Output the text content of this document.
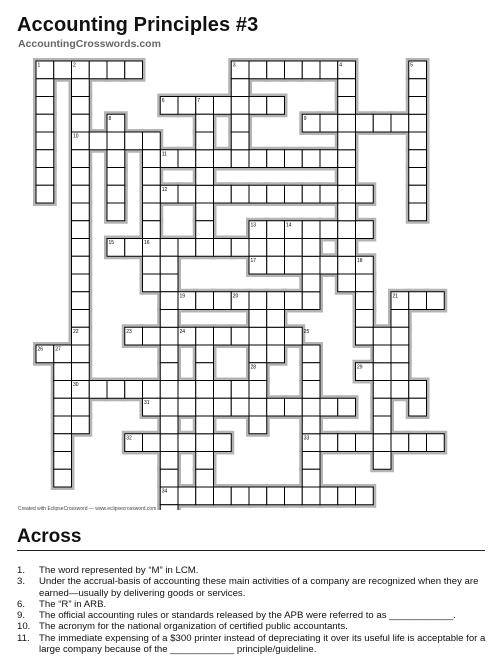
Accounting Principles #3
AccountingCrosswords.com
1	2	3	4	5
6	7
8	9
10
11
12
13	14
15	16
17	18
19	20	21
22	23	24	25
26 27
28	29
30
31
32	33
34
Created with EclipseCrossword — www.eclipsecrossword.com
Across
1.	The word represented by “M” in LCM.
3.	Under the accrual-basis of accounting these main activities of a company are recognized when they are earned—usually by delivering goods or services.
6.	The “R” in ARB.
9.	The official accounting rules or standards released by the APB were referred to as ____________.
10. The acronym for the national organization of certified public accountants.
11. The immediate expensing of a $300 printer instead of depreciating it over its useful life is acceptable for a large company because of the ____________ principle/guideline.
